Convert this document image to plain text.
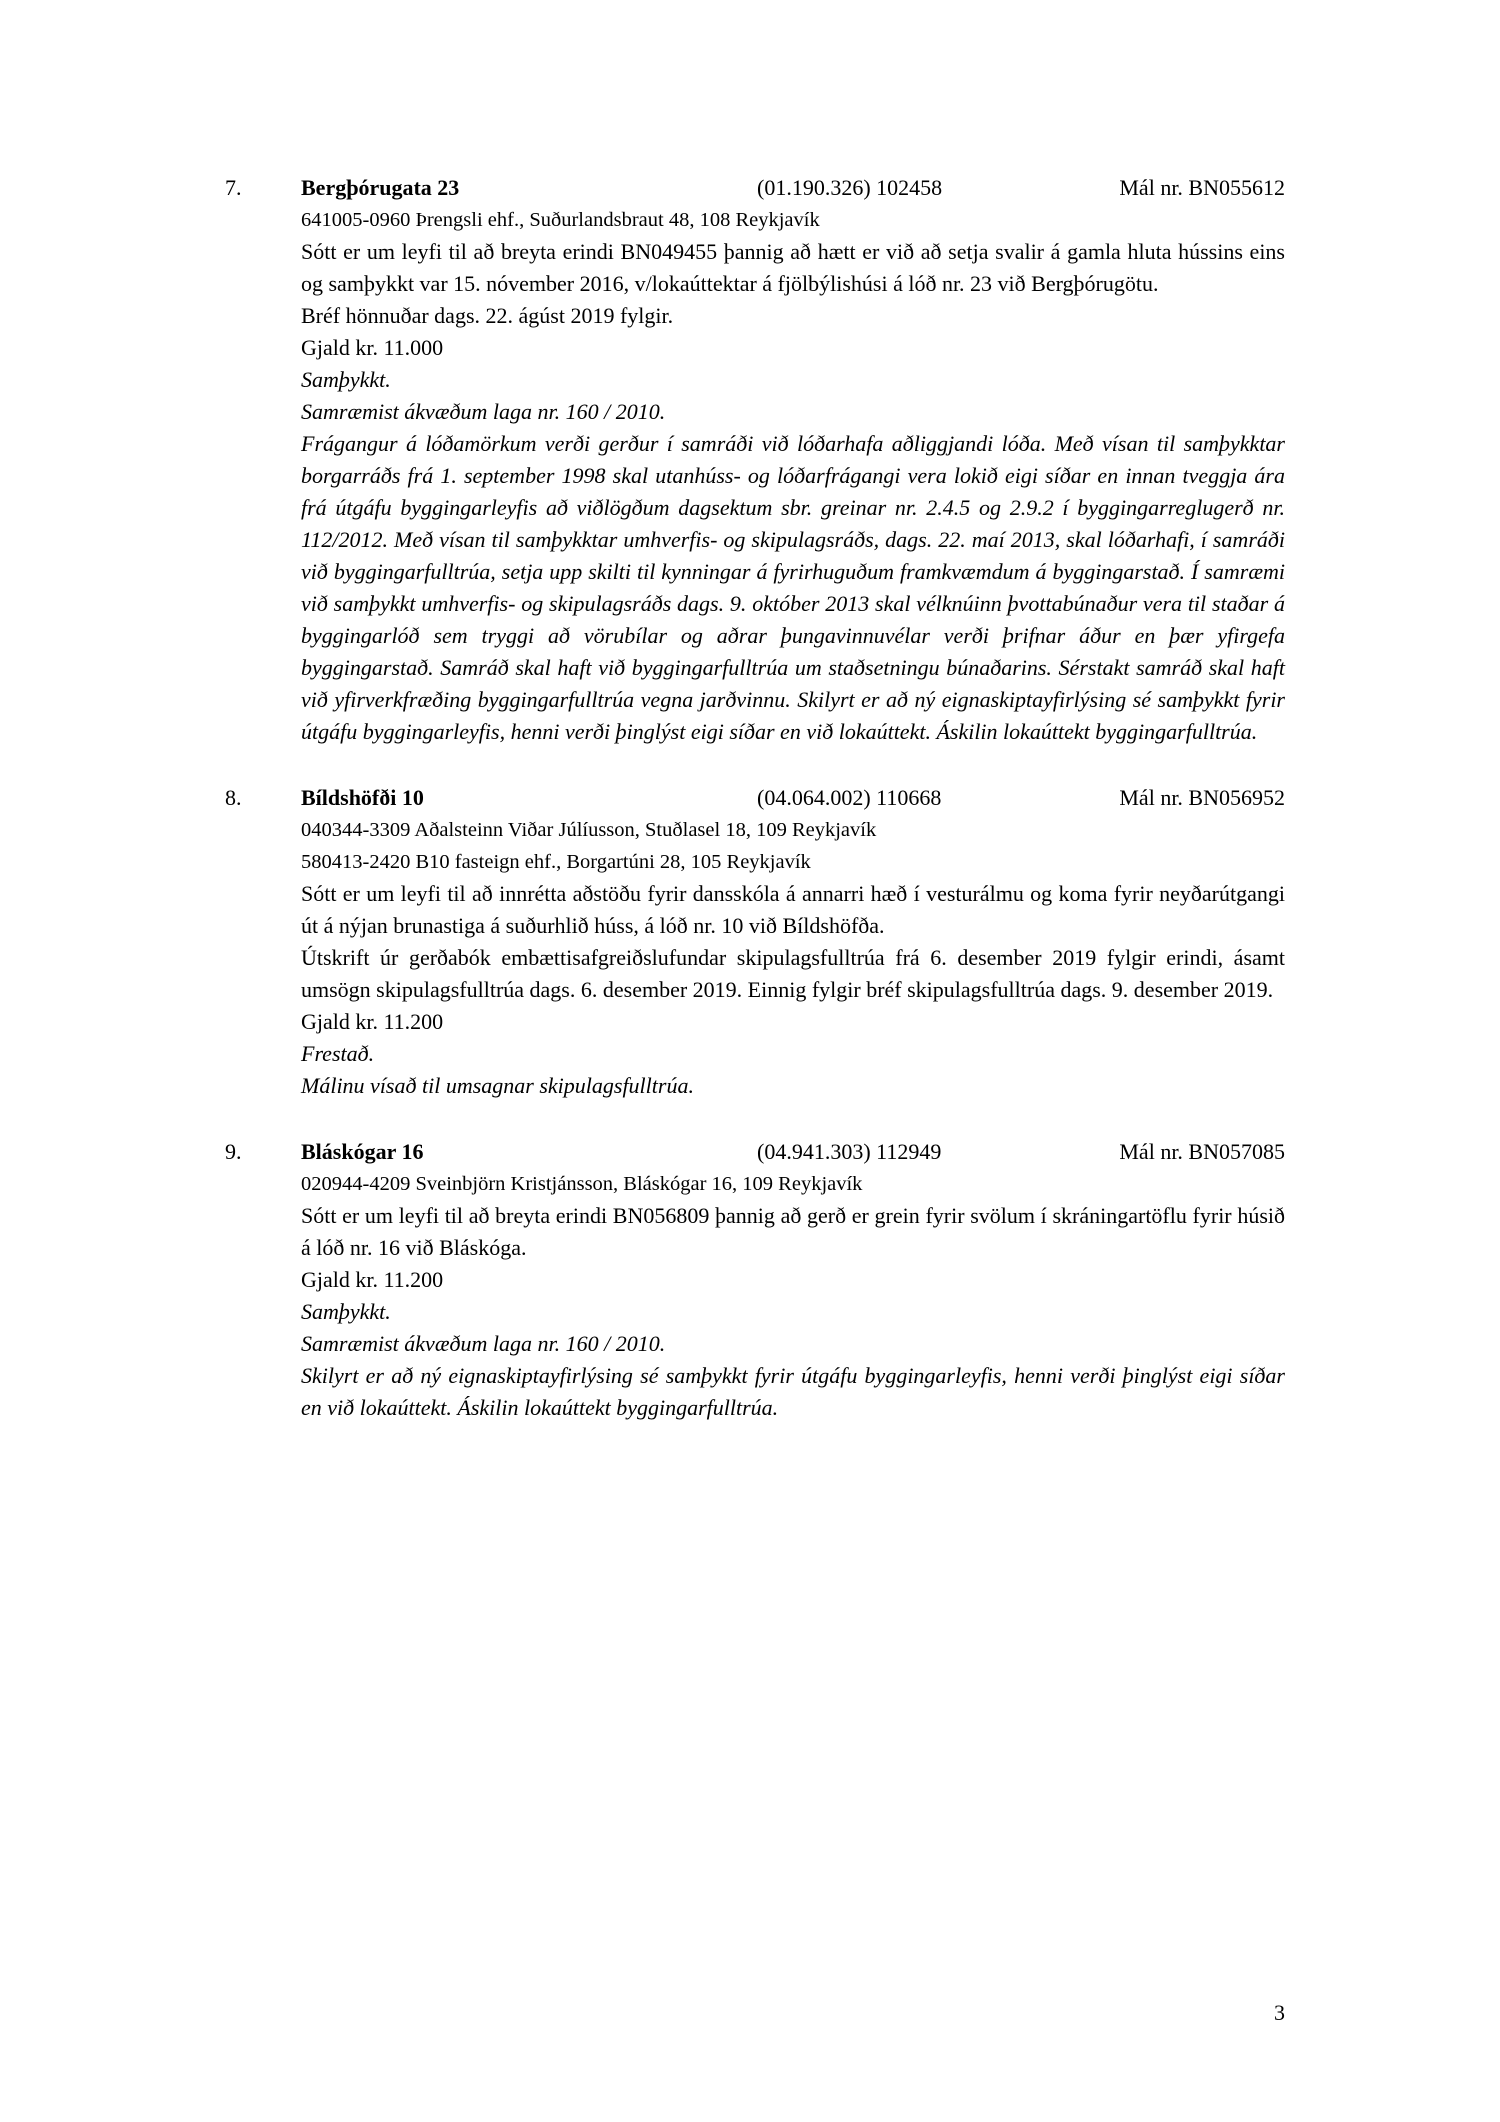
7.	Bergþórugata 23	(01.190.326) 102458	Mál nr. BN055612

641005-0960 Þrengsli ehf., Suðurlandsbraut 48, 108 Reykjavík

Sótt er um leyfi til að breyta erindi BN049455 þannig að hætt er við að setja svalir á gamla hluta hússins eins og samþykkt var 15. nóvember 2016, v/lokaúttektar á fjölbýlishúsi á lóð nr. 23 við Bergþórugötu.

Bréf hönnuðar dags. 22. ágúst 2019 fylgir.

Gjald kr. 11.000

Samþykkt.

Samræmist ákvæðum laga nr. 160 / 2010.

Frágangur á lóðamörkum verði gerður í samráði við lóðarhafa aðliggjandi lóða. Með vísan til samþykktar borgarráðs frá 1. september 1998 skal utanhúss- og lóðarfrágangi vera lokið eigi síðar en innan tveggja ára frá útgáfu byggingarleyfis að viðlögðum dagsektum sbr. greinar nr. 2.4.5 og 2.9.2 í byggingarreglugerð nr. 112/2012. Með vísan til samþykktar umhverfis- og skipulagsráðs, dags. 22. maí 2013, skal lóðarhafi, í samráði við byggingarfulltrúa, setja upp skilti til kynningar á fyrirhuguðum framkvæmdum á byggingarstað. Í samræmi við samþykkt umhverfis- og skipulagsráðs dags. 9. október 2013 skal vélknúinn þvottabúnaður vera til staðar á byggingarlóð sem tryggi að vörubílar og aðrar þungavinnuvélar verði þrifnar áður en þær yfirgefa byggingarstað. Samráð skal haft við byggingarfulltrúa um staðsetningu búnaðarins. Sérstakt samráð skal haft við yfirverkfræðing byggingarfulltrúa vegna jarðvinnu. Skilyrt er að ný eignaskiptayfirlýsing sé samþykkt fyrir útgáfu byggingarleyfis, henni verði þinglýst eigi síðar en við lokaúttekt. Áskilin lokaúttekt byggingarfulltrúa.

8.	Bíldshöfði 10	(04.064.002) 110668	Mál nr. BN056952

040344-3309 Aðalsteinn Viðar Júlíusson, Stuðlasel 18, 109 Reykjavík

580413-2420 B10 fasteign ehf., Borgartúni 28, 105 Reykjavík

Sótt er um leyfi til að innrétta aðstöðu fyrir dansskóla á annarri hæð í vesturálmu og koma fyrir neyðarútgangi út á nýjan brunastiga á suðurhlið húss, á lóð nr. 10 við Bíldshöfða.

Útskrift úr gerðabók embættisafgreiðslufundar skipulagsfulltrúa frá 6. desember 2019 fylgir erindi, ásamt umsögn skipulagsfulltrúa dags. 6. desember 2019. Einnig fylgir bréf skipulagsfulltrúa dags. 9. desember 2019.

Gjald kr. 11.200

Frestað.

Málinu vísað til umsagnar skipulagsfulltrúa.

9.	Bláskógar 16	(04.941.303) 112949	Mál nr. BN057085

020944-4209 Sveinbjörn Kristjánsson, Bláskógar 16, 109 Reykjavík

Sótt er um leyfi til að breyta erindi BN056809 þannig að gerð er grein fyrir svölum í skráningartöflu fyrir húsið á lóð nr. 16 við Bláskóga.

Gjald kr. 11.200

Samþykkt.

Samræmist ákvæðum laga nr. 160 / 2010.

Skilyrt er að ný eignaskiptayfirlýsing sé samþykkt fyrir útgáfu byggingarleyfis, henni verði þinglýst eigi síðar en við lokaúttekt. Áskilin lokaúttekt byggingarfulltrúa.

3
